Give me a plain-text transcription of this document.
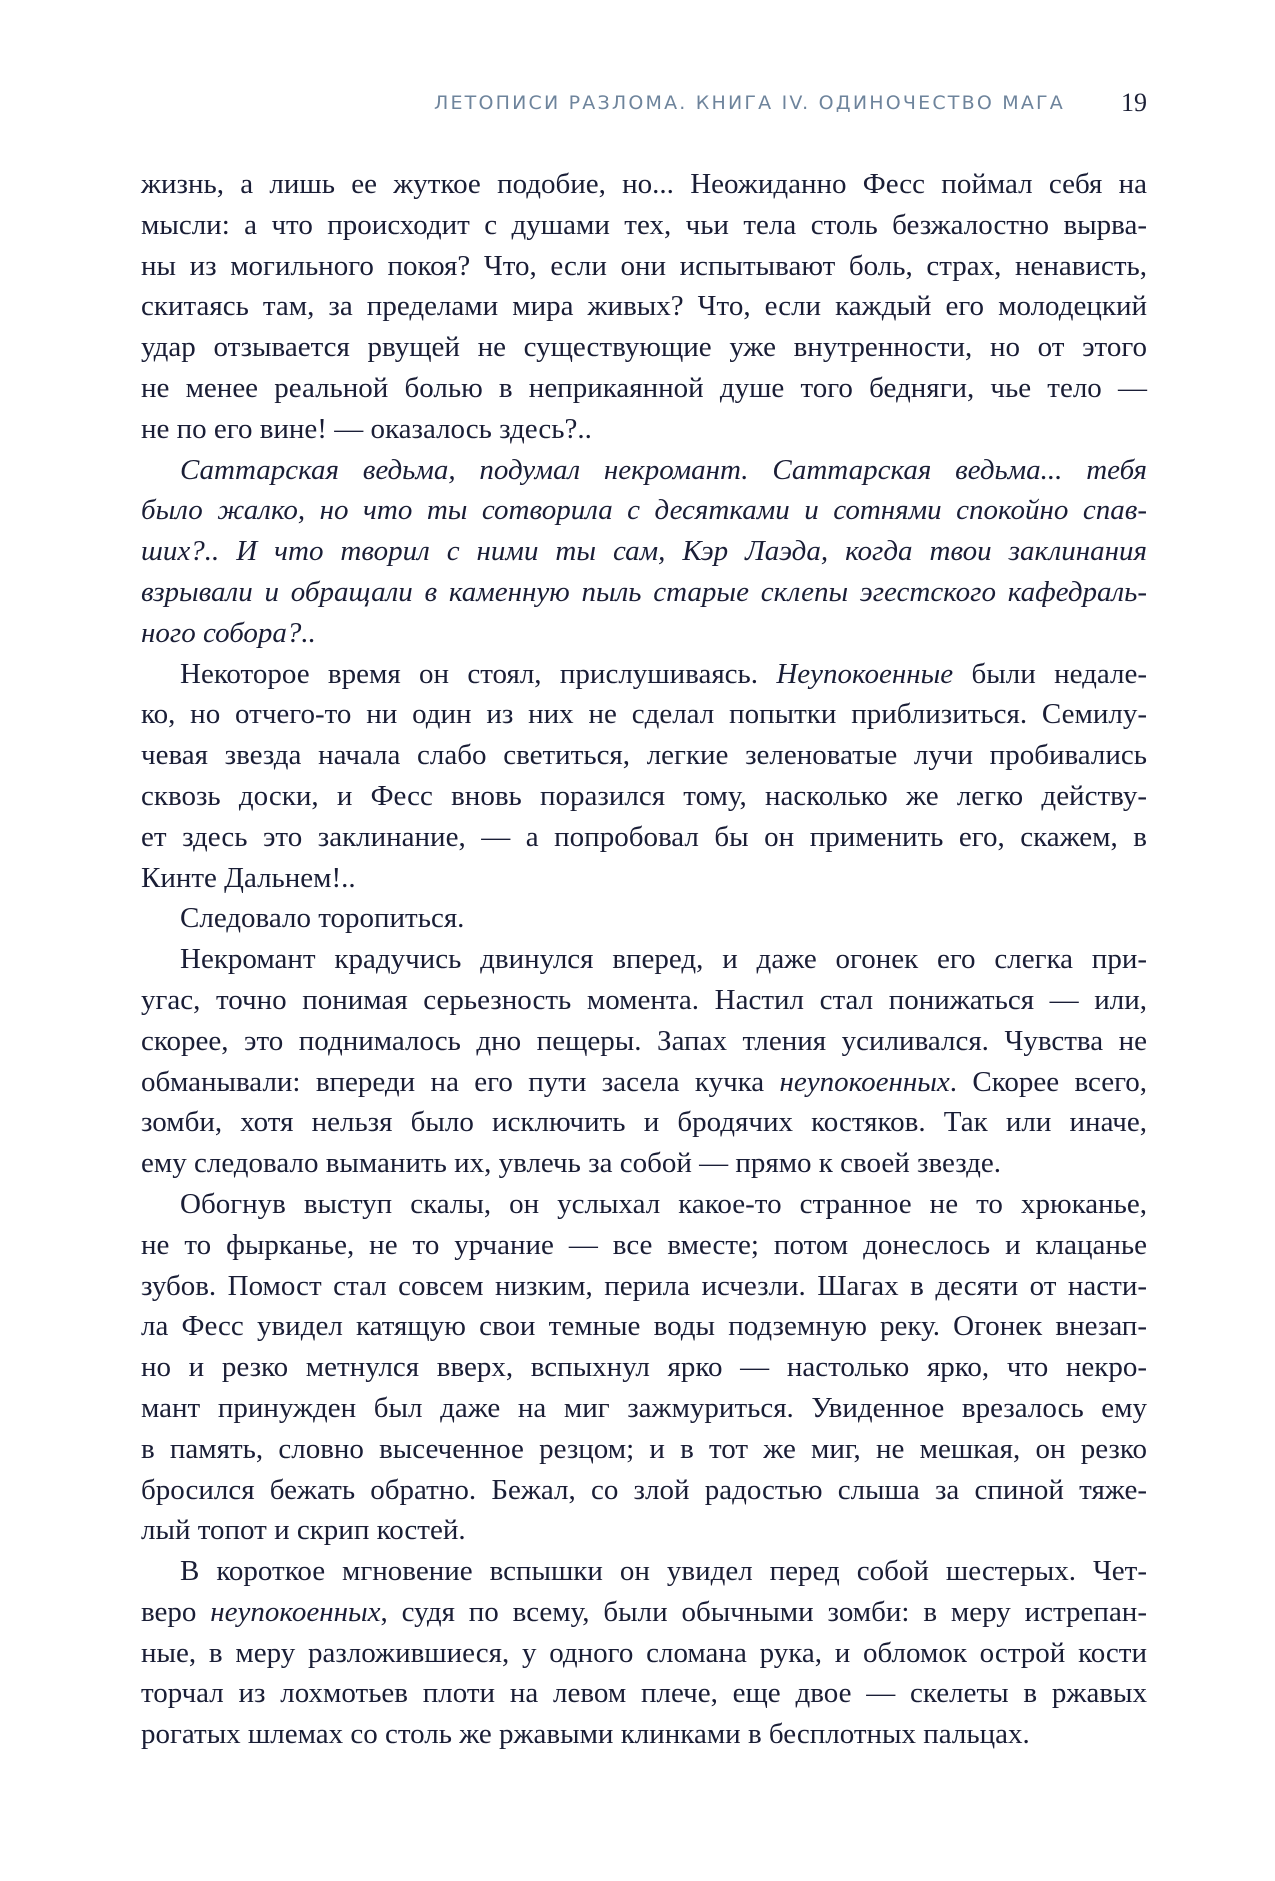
ЛЕТОПИСИ РАЗЛОМА. КНИГА IV. ОДИНОЧЕСТВО МАГА	19
жизнь, а лишь ее жуткое подобие, но... Неожиданно Фесс поймал себя на
мысли: а что происходит с душами тех, чьи тела столь безжалостно вырва-
ны из могильного покоя? Что, если они испытывают боль, страх, ненависть,
скитаясь там, за пределами мира живых? Что, если каждый его молодецкий
удар отзывается рвущей не существующие уже внутренности, но от этого
не менее реальной болью в неприкаянной душе того бедняги, чье тело —
не по его вине! — оказалось здесь?..
Саттарская ведьма, подумал некромант. Саттарская ведьма... тебя
было жалко, но что ты сотворила с десятками и сотнями спокойно спав-
ших?.. И что творил с ними ты сам, Кэр Лаэда, когда твои заклинания
взрывали и обращали в каменную пыль старые склепы эгестского кафедраль-
ного собора?..
Некоторое время он стоял, прислушиваясь. Неупокоенные были недале-
ко, но отчего-то ни один из них не сделал попытки приблизиться. Семилу-
чевая звезда начала слабо светиться, легкие зеленоватые лучи пробивались
сквозь доски, и Фесс вновь поразился тому, насколько же легко действу-
ет здесь это заклинание, — а попробовал бы он применить его, скажем, в
Кинте Дальнем!..
Следовало торопиться.
Некромант крадучись двинулся вперед, и даже огонек его слегка при-
угас, точно понимая серьезность момента. Настил стал понижаться — или,
скорее, это поднималось дно пещеры. Запах тления усиливался. Чувства не
обманывали: впереди на его пути засела кучка неупокоенных. Скорее всего,
зомби, хотя нельзя было исключить и бродячих костяков. Так или иначе,
ему следовало выманить их, увлечь за собой — прямо к своей звезде.
Обогнув выступ скалы, он услыхал какое-то странное не то хрюканье,
не то фырканье, не то урчание — все вместе; потом донеслось и клацанье
зубов. Помост стал совсем низким, перила исчезли. Шагах в десяти от насти-
ла Фесс увидел катящую свои темные воды подземную реку. Огонек внезап-
но и резко метнулся вверх, вспыхнул ярко — настолько ярко, что некро-
мант принужден был даже на миг зажмуриться. Увиденное врезалось ему
в память, словно высеченное резцом; и в тот же миг, не мешкая, он резко
бросился бежать обратно. Бежал, со злой радостью слыша за спиной тяже-
лый топот и скрип костей.
В короткое мгновение вспышки он увидел перед собой шестерых. Чет-
веро неупокоенных, судя по всему, были обычными зомби: в меру истрепан-
ные, в меру разложившиеся, у одного сломана рука, и обломок острой кости
торчал из лохмотьев плоти на левом плече, еще двое — скелеты в ржавых
рогатых шлемах со столь же ржавыми клинками в бесплотных пальцах.
